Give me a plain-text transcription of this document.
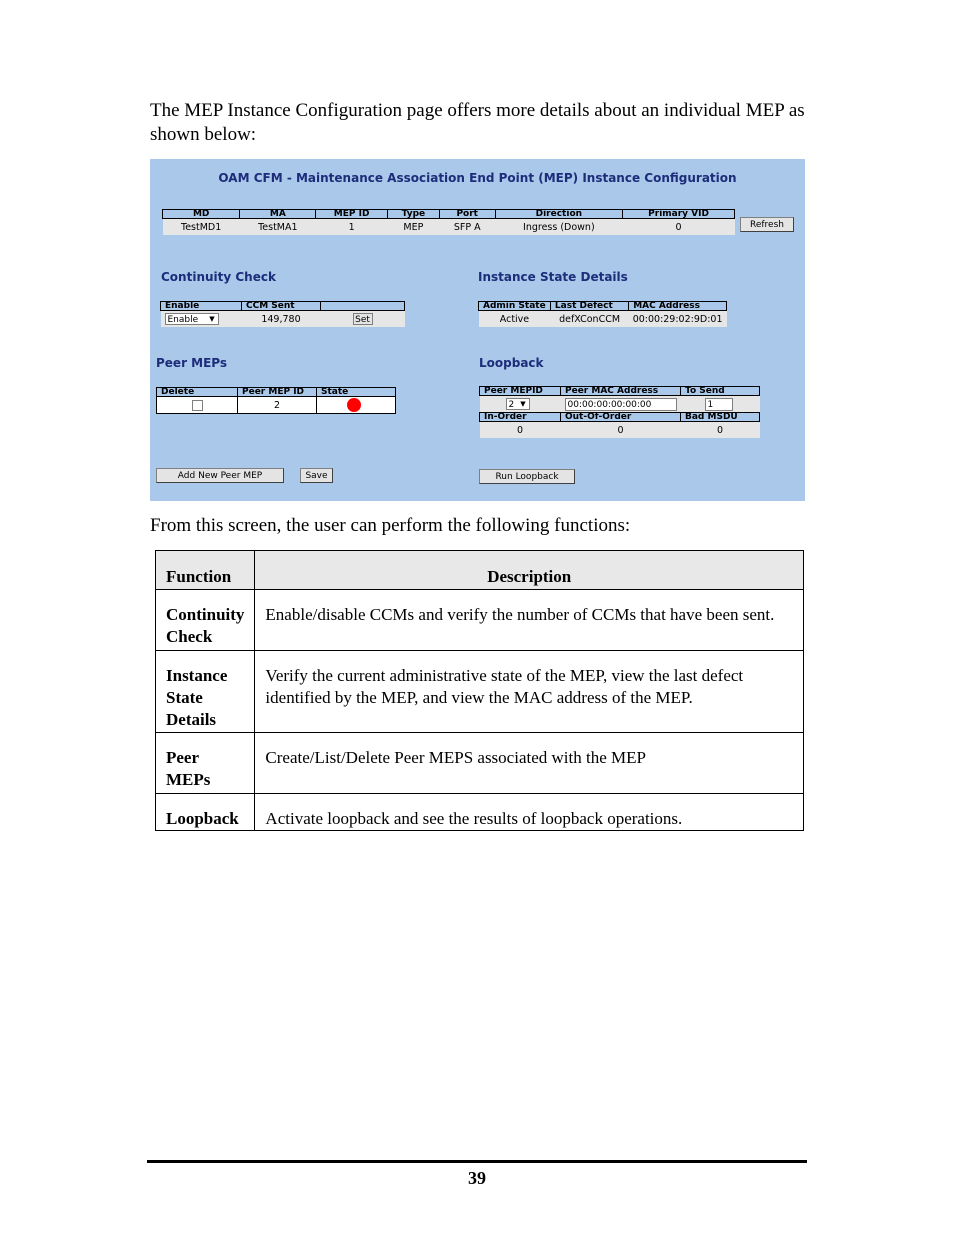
The MEP Instance Configuration page offers more details about an individual MEP as
shown below:
OAM CFM - Maintenance Association End Point (MEP) Instance Configuration
MD	MA	MEP ID	Type	Port	Direction	Primary VID
TestMD1	TestMA1	1	MEP	SFP A	Ingress (Down)	0	Refresh
Continuity Check
Enable	CCM Sent	
Enable ▼	149,780	Set
Instance State Details
Admin State	Last Defect	MAC Address
Active	defXConCCM	00:00:29:02:9D:01
Peer MEPs
Delete	Peer MEP ID	State
	2	
Loopback
Peer MEPID	Peer MAC Address	To Send
2 ▼	00:00:00:00:00:00	1
In-Order	Out-Of-Order	Bad MSDU
0	0	0
Add New Peer MEP	Save	Run Loopback
From this screen, the user can perform the following functions:
Function	Description
Continuity Check	Enable/disable CCMs and verify the number of CCMs that have been sent.
Instance State Details	Verify the current administrative state of the MEP, view the last defect identified by the MEP, and view the MAC address of the MEP.
Peer MEPs	Create/List/Delete Peer MEPS associated with the MEP
Loopback	Activate loopback and see the results of loopback operations.
39
